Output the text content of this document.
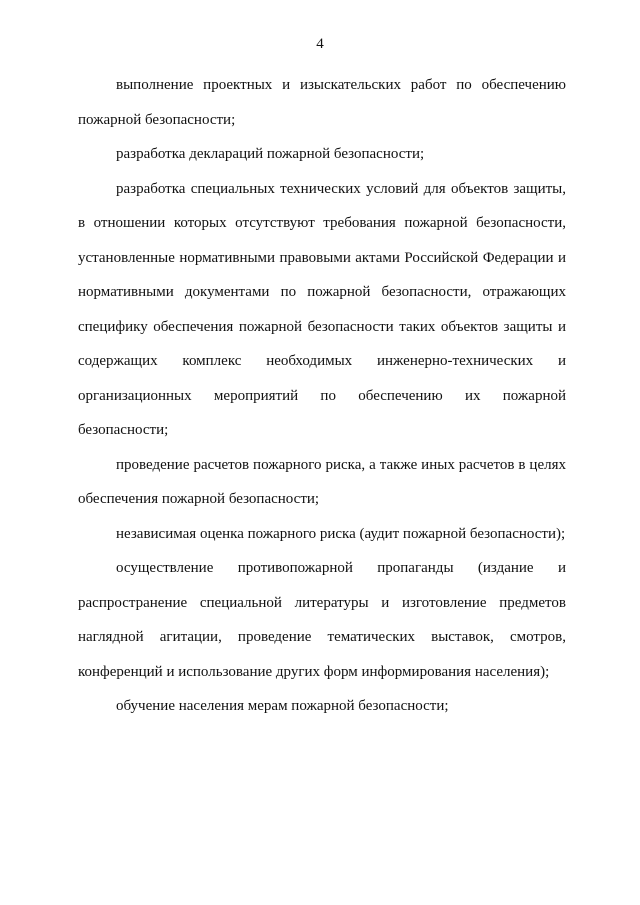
4

выполнение проектных и изыскательских работ по обеспечению пожарной безопасности;

разработка деклараций пожарной безопасности;

разработка специальных технических условий для объектов защиты, в отношении которых отсутствуют требования пожарной безопасности, установленные нормативными правовыми актами Российской Федерации и нормативными документами по пожарной безопасности, отражающих специфику обеспечения пожарной безопасности таких объектов защиты и содержащих комплекс необходимых инженерно-технических и организационных мероприятий по обеспечению их пожарной безопасности;

проведение расчетов пожарного риска, а также иных расчетов в целях обеспечения пожарной безопасности;

независимая оценка пожарного риска (аудит пожарной безопасности);

осуществление противопожарной пропаганды (издание и распространение специальной литературы и изготовление предметов наглядной агитации, проведение тематических выставок, смотров, конференций и использование других форм информирования населения);

обучение населения мерам пожарной безопасности;
